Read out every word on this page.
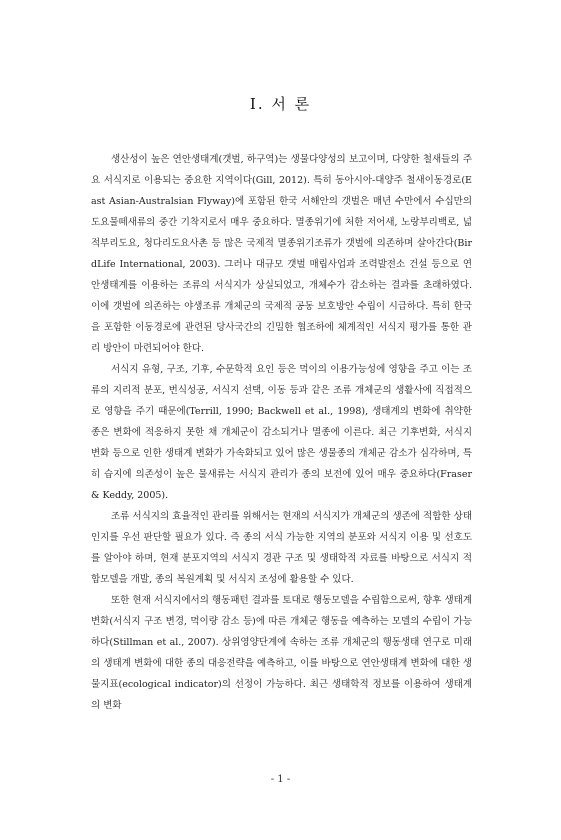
Ⅰ. 서 론

생산성이 높은 연안생태계(갯벌, 하구역)는 생물다양성의 보고이며, 다양한 철새들의 주요 서식지로 이용되는 중요한 지역이다(Gill, 2012). 특히 동아시아-대양주 철새이동경로(East Asian-Australsian Flyway)에 포함된 한국 서해안의 갯벌은 매년 수만에서 수십만의 도요물떼새류의 중간 기착지로서 매우 중요하다. 멸종위기에 처한 저어새, 노랑부리백로, 넓적부리도요, 청다리도요사촌 등 많은 국제적 멸종위기조류가 갯벌에 의존하며 살아간다(BirdLife International, 2003). 그러나 대규모 갯벌 매립사업과 조력발전소 건설 등으로 연안생태계를 이용하는 조류의 서식지가 상실되었고, 개체수가 감소하는 결과를 초래하였다. 이에 갯벌에 의존하는 야생조류 개체군의 국제적 공동 보호방안 수립이 시급하다. 특히 한국을 포함한 이동경로에 관련된 당사국간의 긴밀한 협조하에 체계적인 서식지 평가를 통한 관리 방안이 마련되어야 한다.

서식지 유형, 구조, 기후, 수문학적 요인 등은 먹이의 이용가능성에 영향을 주고 이는 조류의 지리적 분포, 번식성공, 서식지 선택, 이동 등과 같은 조류 개체군의 생활사에 직접적으로 영향을 주기 때문에(Terrill, 1990; Backwell et al., 1998), 생태계의 변화에 취약한 종은 변화에 적응하지 못한 채 개체군이 감소되거나 멸종에 이른다. 최근 기후변화, 서식지 변화 등으로 인한 생태계 변화가 가속화되고 있어 많은 생물종의 개체군 감소가 심각하며, 특히 습지에 의존성이 높은 물새류는 서식지 관리가 종의 보전에 있어 매우 중요하다(Fraser & Keddy, 2005).

조류 서식지의 효율적인 관리를 위해서는 현재의 서식지가 개체군의 생존에 적합한 상태인지를 우선 판단할 필요가 있다. 즉 종의 서식 가능한 지역의 분포와 서식지 이용 및 선호도를 알아야 하며, 현재 분포지역의 서식지 경관 구조 및 생태학적 자료를 바탕으로 서식지 적합모델을 개발, 종의 복원계획 및 서식지 조성에 활용할 수 있다.

또한 현재 서식지에서의 행동패턴 결과를 토대로 행동모델을 수립함으로써, 향후 생태계 변화(서식지 구조 변경, 먹이량 감소 등)에 따른 개체군 행동을 예측하는 모델의 수립이 가능하다(Stillman et al., 2007). 상위영양단계에 속하는 조류 개체군의 행동생태 연구로 미래의 생태계 변화에 대한 종의 대응전략을 예측하고, 이를 바탕으로 연안생태계 변화에 대한 생물지표(ecological indicator)의 선정이 가능하다. 최근 생태학적 정보를 이용하여 생태계의 변화

- 1 -
